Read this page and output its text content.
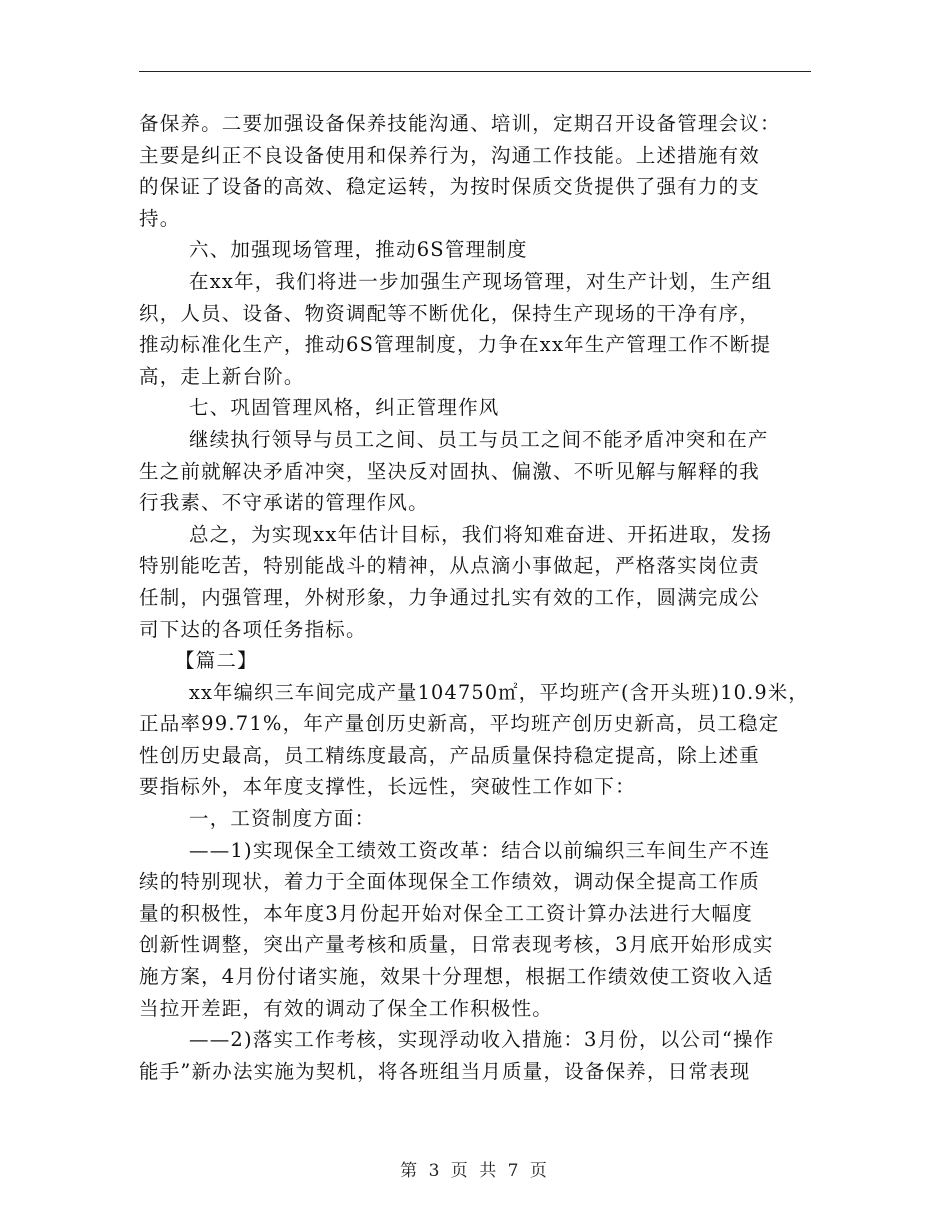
备保养。二要加强设备保养技能沟通、培训，定期召开设备管理会议：
主要是纠正不良设备使用和保养行为，沟通工作技能。上述措施有效
的保证了设备的高效、稳定运转，为按时保质交货提供了强有力的支
持。
六、加强现场管理，推动6S管理制度
在xx年，我们将进一步加强生产现场管理，对生产计划，生产组
织，人员、设备、物资调配等不断优化，保持生产现场的干净有序，
推动标准化生产，推动6S管理制度，力争在xx年生产管理工作不断提
高，走上新台阶。
七、巩固管理风格，纠正管理作风
继续执行领导与员工之间、员工与员工之间不能矛盾冲突和在产
生之前就解决矛盾冲突，坚决反对固执、偏激、不听见解与解释的我
行我素、不守承诺的管理作风。
总之，为实现xx年估计目标，我们将知难奋进、开拓进取，发扬
特别能吃苦，特别能战斗的精神，从点滴小事做起，严格落实岗位责
任制，内强管理，外树形象，力争通过扎实有效的工作，圆满完成公
司下达的各项任务指标。
【篇二】
xx年编织三车间完成产量104750㎡，平均班产(含开头班)10.9米，
正品率99.71%，年产量创历史新高，平均班产创历史新高，员工稳定
性创历史最高，员工精练度最高，产品质量保持稳定提高，除上述重
要指标外，本年度支撑性，长远性，突破性工作如下：
一，工资制度方面：
——1)实现保全工绩效工资改革：结合以前编织三车间生产不连
续的特别现状，着力于全面体现保全工作绩效，调动保全提高工作质
量的积极性，本年度3月份起开始对保全工工资计算办法进行大幅度
创新性调整，突出产量考核和质量，日常表现考核，3月底开始形成实
施方案，4月份付诸实施，效果十分理想，根据工作绩效使工资收入适
当拉开差距，有效的调动了保全工作积极性。
——2)落实工作考核，实现浮动收入措施：3月份，以公司“操作
能手”新办法实施为契机，将各班组当月质量，设备保养，日常表现
第 3 页 共 7 页
